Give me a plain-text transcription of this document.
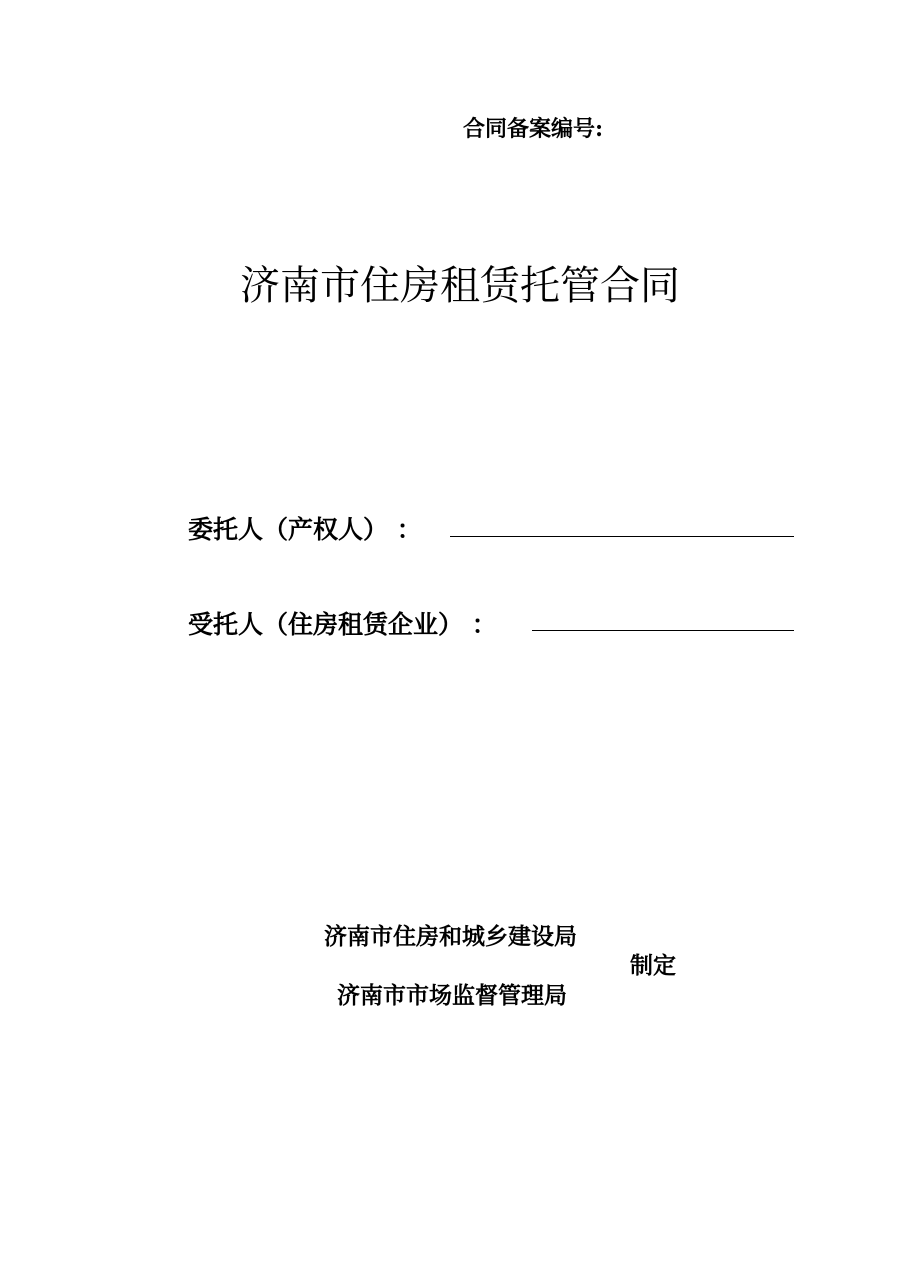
合同备案编号:
济南市住房租赁托管合同
委托人（产权人） ：
受托人（住房租赁企业） ：
济南市住房和城乡建设局
制定
济南市市场监督管理局
